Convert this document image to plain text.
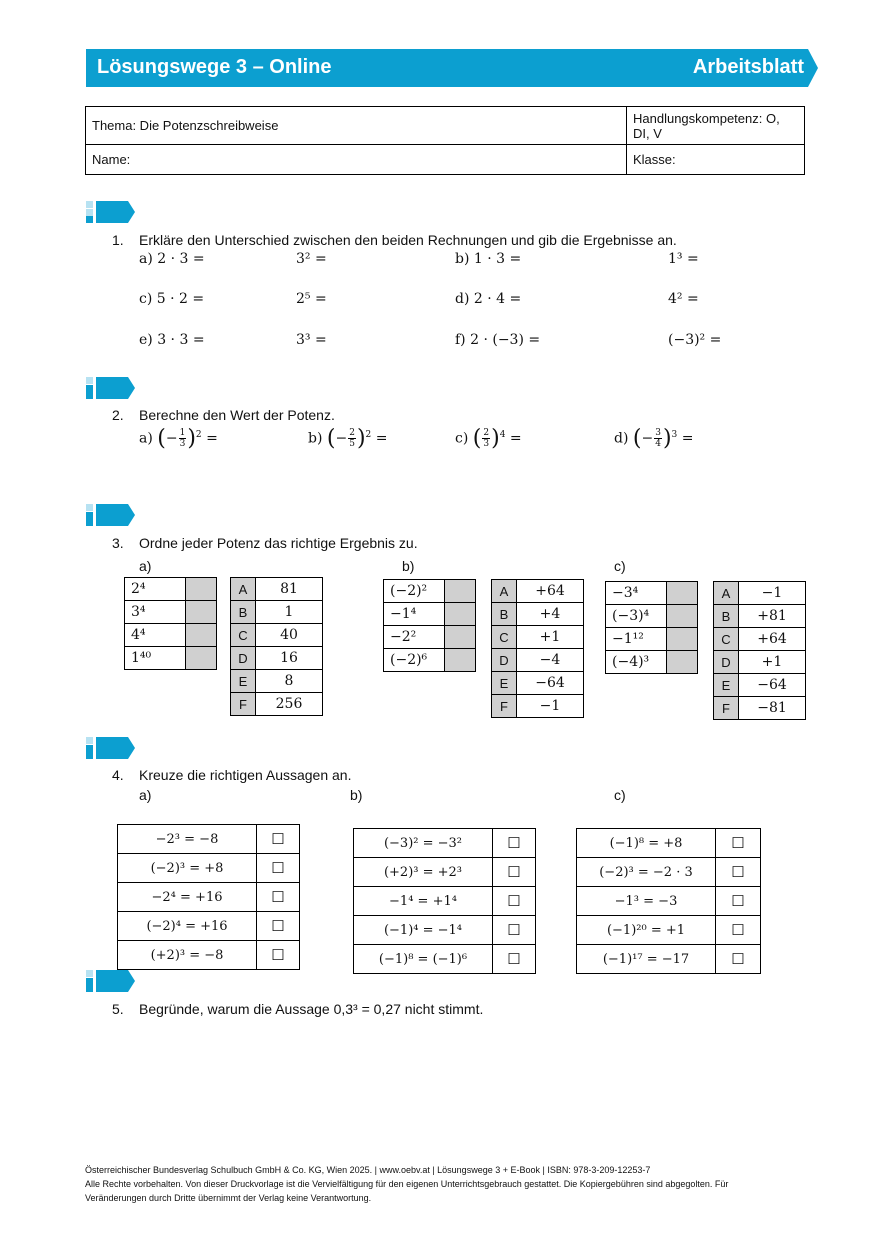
Lösungswege 3 – Online	Arbeitsblatt
Thema: Die Potenzschreibweise	Handlungskompetenz: O, DI, V
Name:	Klasse:
1. Erkläre den Unterschied zwischen den beiden Rechnungen und gib die Ergebnisse an.
a) 2 · 3 =	3² =	b) 1 · 3 =	1³ =
c) 5 · 2 =	2⁵ =	d) 2 · 4 =	4² =
e) 3 · 3 =	3³ =	f) 2 · (−3) =	(−3)² =
2. Berechne den Wert der Potenz.
a) (− $\frac{1}{3})^2$ =	b) (− $\frac{2}{5})^2$ =	c) ( $\frac{2}{3})^4$ =	d) (− $\frac{3}{4})^3$ =
3. Ordne jeder Potenz das richtige Ergebnis zu.
a)	b)	c)
2⁴	
3⁴	
4⁴	
1⁴⁰	
A	81
B	1
C	40
D	16
E	8
F	256
(−2)²	
−1⁴	
−2²	
(−2)⁶	
A	+64
B	+4
C	+1
D	−4
E	−64
F	−1
−3⁴	
(−3)⁴	
−1¹²	
(−4)³	
A	−1
B	+81
C	+64
D	+1
E	−64
F	−81
4. Kreuze die richtigen Aussagen an.
a)	b)	c)
−2³ = −8	☐
(−2)³ = +8	☐
−2⁴ = +16	☐
(−2)⁴ = +16	☐
(+2)³ = −8	☐
(−3)² = −3²	☐
(+2)³ = +2³	☐
−1⁴ = +1⁴	☐
(−1)⁴ = −1⁴	☐
(−1)⁸ = (−1)⁶	☐
(−1)⁸ = +8	☐
(−2)³ = −2 · 3	☐
−1³ = −3	☐
(−1)²⁰ = +1	☐
(−1)¹⁷ = −17	☐
5. Begründe, warum die Aussage 0,3³ = 0,27 nicht stimmt.
Österreichischer Bundesverlag Schulbuch GmbH & Co. KG, Wien 2025. | www.oebv.at | Lösungswege 3 + E-Book | ISBN: 978-3-209-12253-7
Alle Rechte vorbehalten. Von dieser Druckvorlage ist die Vervielfältigung für den eigenen Unterrichtsgebrauch gestattet. Die Kopiergebühren sind abgegolten. Für
Veränderungen durch Dritte übernimmt der Verlag keine Verantwortung.
